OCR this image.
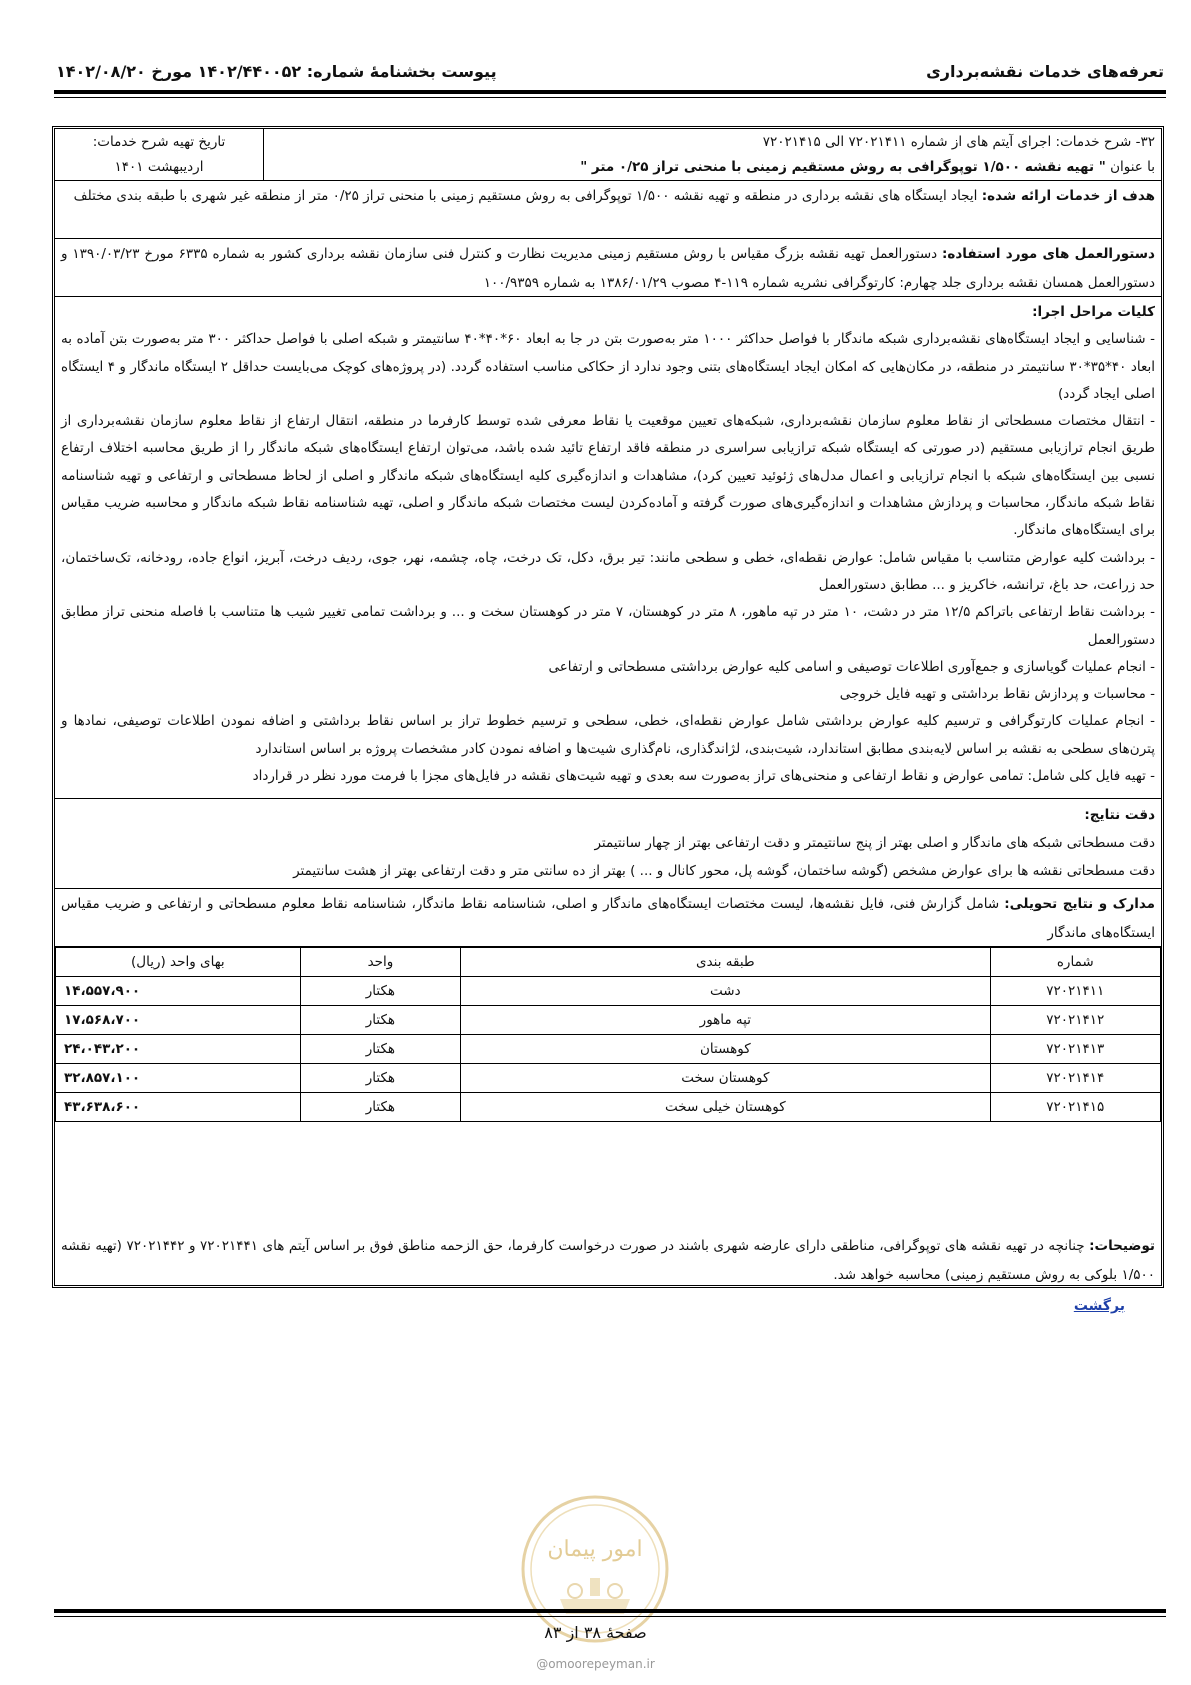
تعرفه‌های خدمات نقشه‌برداری
پیوست بخشنامهٔ شماره: ۱۴۰۲/۴۴۰۰۵۲ مورخ ۱۴۰۲/۰۸/۲۰
۳۲- شرح خدمات: اجرای آیتم های از شماره ۷۲۰۲۱۴۱۱ الی ۷۲۰۲۱۴۱۵
با عنوان " تهیه نقشه ۱/۵۰۰ توپوگرافی به روش مستقیم زمینی با منحنی تراز ۰/۲۵ متر "
تاریخ تهیه شرح خدمات:
اردیبهشت ۱۴۰۱
هدف از خدمات ارائه شده: ایجاد ایستگاه های نقشه برداری در منطقه و تهیه نقشه ۱/۵۰۰ توپوگرافی به روش مستقیم زمینی با منحنی تراز ۰/۲۵ متر از منطقه غیر شهری با طبقه بندی مختلف
دستورالعمل های مورد استفاده: دستورالعمل تهیه نقشه بزرگ مقیاس با روش مستقیم زمینی مدیریت نظارت و کنترل فنی سازمان نقشه برداری کشور به شماره ۶۳۳۵ مورخ ۱۳۹۰/۰۳/۲۳ و دستورالعمل همسان نقشه برداری جلد چهارم: کارتوگرافی نشریه شماره ۱۱۹-۴ مصوب ۱۳۸۶/۰۱/۲۹ به شماره ۱۰۰/۹۳۵۹
کلیات مراحل اجرا:

- شناسایی و ایجاد ایستگاه‌های نقشه‌برداری شبکه ماندگار با فواصل حداکثر ۱۰۰۰ متر به‌صورت بتن در جا به ابعاد ۶۰*۴۰*۴۰ سانتیمتر و شبکه اصلی با فواصل حداکثر ۳۰۰ متر به‌صورت بتن آماده به ابعاد ۴۰*۳۵*۳۰ سانتیمتر در منطقه، در مکان‌هایی که امکان ایجاد ایستگاه‌های بتنی وجود ندارد از حکاکی مناسب استفاده گردد. (در پروژه‌های کوچک می‌بایست حداقل ۲ ایستگاه ماندگار و ۴ ایستگاه اصلی ایجاد گردد)

- انتقال مختصات مسطحاتی از نقاط معلوم سازمان نقشه‌برداری، شبکه‌های تعیین موقعیت یا نقاط معرفی شده توسط کارفرما در منطقه، انتقال ارتفاع از نقاط معلوم سازمان نقشه‌برداری از طریق انجام ترازیابی مستقیم (در صورتی که ایستگاه شبکه ترازیابی سراسری در منطقه فاقد ارتفاع تائید شده باشد، می‌توان ارتفاع ایستگاه‌های شبکه ماندگار را از طریق محاسبه اختلاف ارتفاع نسبی بین ایستگاه‌های شبکه با انجام ترازیابی و اعمال مدل‌های ژئوئید تعیین کرد)، مشاهدات و اندازه‌گیری کلیه ایستگاه‌های شبکه ماندگار و اصلی از لحاظ مسطحاتی و ارتفاعی و تهیه شناسنامه نقاط شبکه ماندگار، محاسبات و پردازش مشاهدات و اندازه‌گیری‌های صورت گرفته و آماده‌کردن لیست مختصات شبکه ماندگار و اصلی، تهیه شناسنامه نقاط شبکه ماندگار و محاسبه ضریب مقیاس برای ایستگاه‌های ماندگار.

- برداشت کلیه عوارض متناسب با مقیاس شامل: عوارض نقطه‌ای، خطی و سطحی مانند: تیر برق، دکل، تک درخت، چاه، چشمه، نهر، جوی، ردیف درخت، آبریز، انواع جاده، رودخانه، تک‌ساختمان، حد زراعت، حد باغ، ترانشه، خاکریز و ... مطابق دستورالعمل

- برداشت نقاط ارتفاعی باتراکم ۱۲/۵ متر در دشت، ۱۰ متر در تپه ماهور، ۸ متر در کوهستان، ۷ متر در کوهستان سخت و ... و برداشت تمامی تغییر شیب ها متناسب با فاصله منحنی تراز مطابق دستورالعمل

- انجام عملیات گویاسازی و جمع‌آوری اطلاعات توصیفی و اسامی کلیه عوارض برداشتی مسطحاتی و ارتفاعی

- محاسبات و پردازش نقاط برداشتی و تهیه فایل خروجی

- انجام عملیات کارتوگرافی و ترسیم کلیه عوارض برداشتی شامل عوارض نقطه‌ای، خطی، سطحی و ترسیم خطوط تراز بر اساس نقاط برداشتی و اضافه نمودن اطلاعات توصیفی، نمادها و پترن‌های سطحی به نقشه بر اساس لایه‌بندی مطابق استاندارد، شیت‌بندی، لژاندگذاری، نام‌گذاری شیت‌ها و اضافه نمودن کادر مشخصات پروژه بر اساس استاندارد

- تهیه فایل کلی شامل: تمامی عوارض و نقاط ارتفاعی و منحنی‌های تراز به‌صورت سه بعدی و تهیه شیت‌های نقشه در فایل‌های مجزا با فرمت مورد نظر در قرارداد

دقت نتایج:
دقت مسطحاتی شبکه های ماندگار و اصلی بهتر از پنج سانتیمتر و دقت ارتفاعی بهتر از چهار سانتیمتر
دقت مسطحاتی نقشه ها برای عوارض مشخص (گوشه ساختمان، گوشه پل، محور کانال و ... ) بهتر از ده سانتی متر و دقت ارتفاعی بهتر از هشت سانتیمتر
مدارک و نتایج تحویلی: شامل گزارش فنی، فایل نقشه‌ها، لیست مختصات ایستگاه‌های ماندگار و اصلی، شناسنامه نقاط ماندگار، شناسنامه نقاط معلوم مسطحاتی و ارتفاعی و ضریب مقیاس ایستگاه‌های ماندگار
شماره	طبقه بندی	واحد	بهای واحد (ریال)
۷۲۰۲۱۴۱۱	دشت	هکتار	۱۴،۵۵۷،۹۰۰
۷۲۰۲۱۴۱۲	تپه ماهور	هکتار	۱۷،۵۶۸،۷۰۰
۷۲۰۲۱۴۱۳	کوهستان	هکتار	۲۴،۰۴۳،۲۰۰
۷۲۰۲۱۴۱۴	کوهستان سخت	هکتار	۳۲،۸۵۷،۱۰۰
۷۲۰۲۱۴۱۵	کوهستان خیلی سخت	هکتار	۴۳،۶۳۸،۶۰۰
توضیحات: چنانچه در تهیه نقشه های توپوگرافی، مناطقی دارای عارضه شهری باشند در صورت درخواست کارفرما، حق الزحمه مناطق فوق بر اساس آیتم های ۷۲۰۲۱۴۴۱ و ۷۲۰۲۱۴۴۲ (تهیه نقشه ۱/۵۰۰ بلوکی به روش مستقیم زمینی) محاسبه خواهد شد.
برگشت
امور پیمان
صفحهٔ ۳۸ از ۸۳
@omoorepeyman.ir
